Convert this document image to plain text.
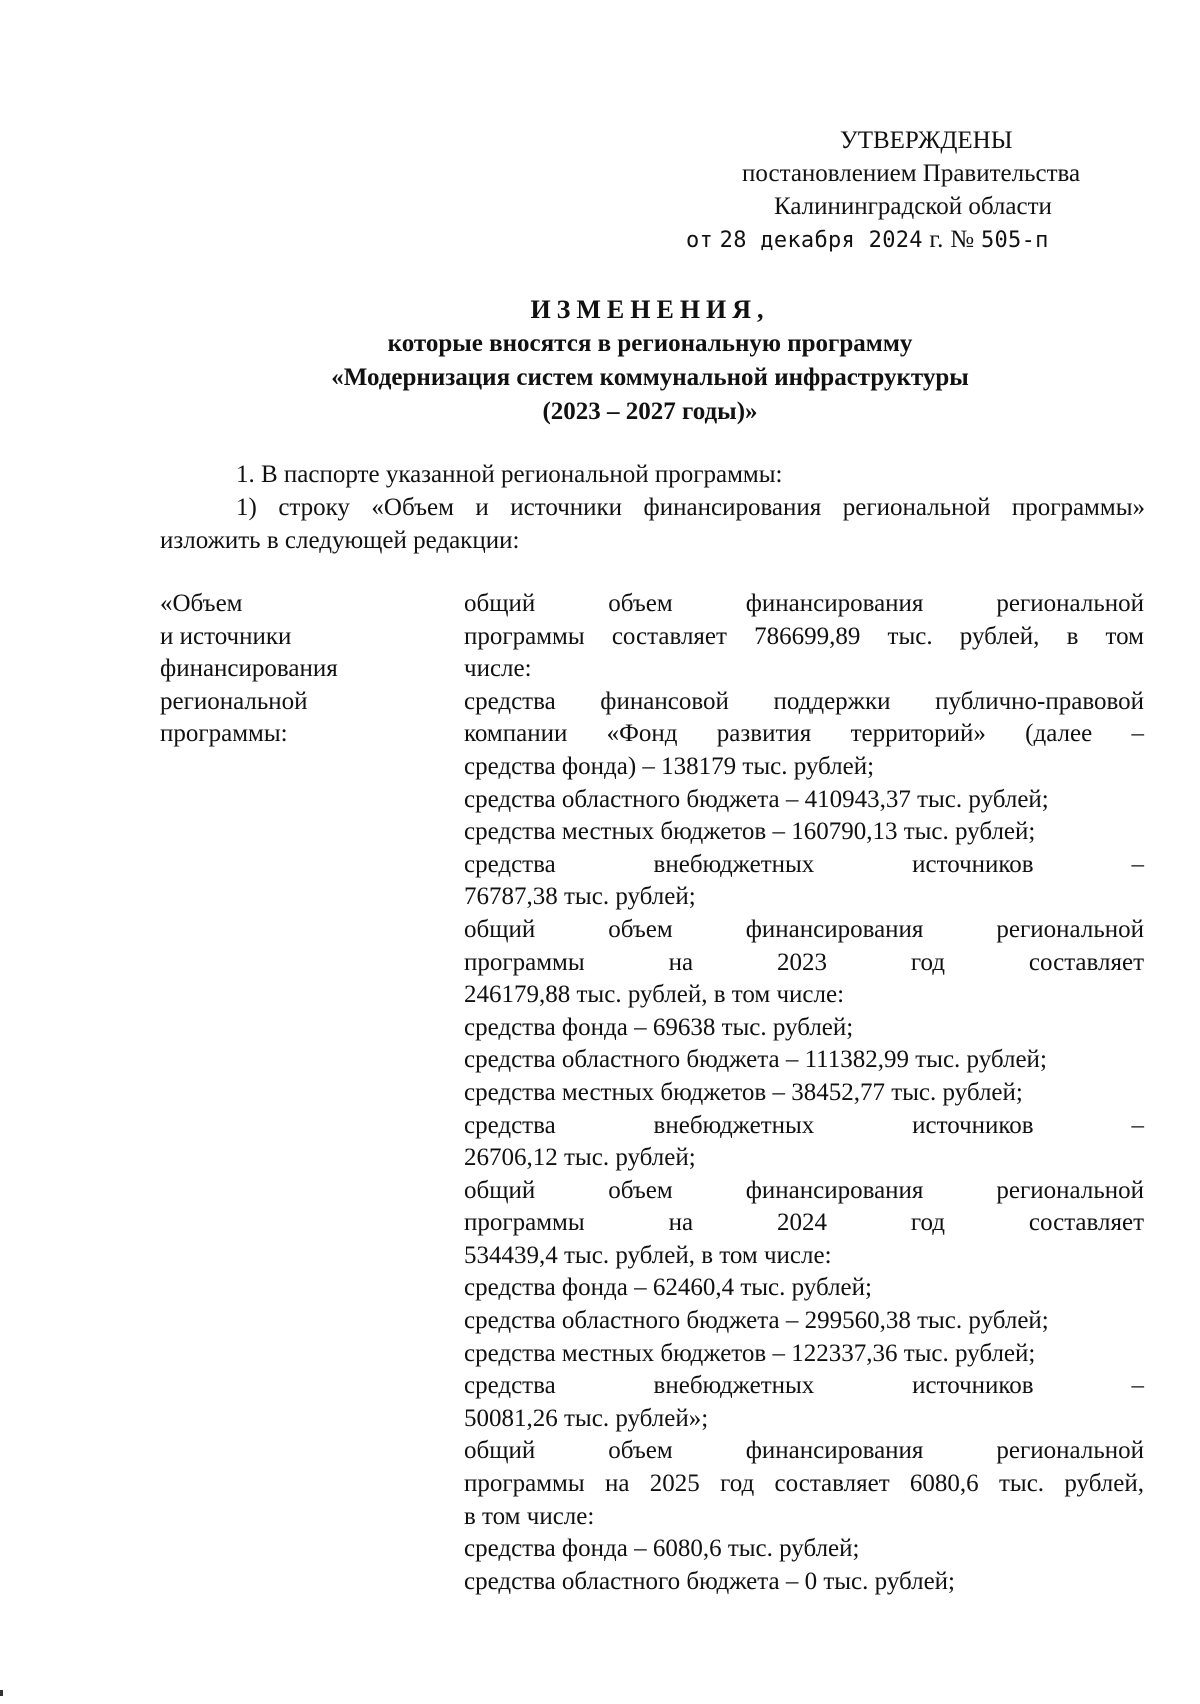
УТВЕРЖДЕНЫ
постановлением Правительства
Калининградской области
от 28 декабря 2024 г. № 505-п
ИЗМЕНЕНИЯ,
которые вносятся в региональную программу
«Модернизация систем коммунальной инфраструктуры
(2023 – 2027 годы)»
1. В паспорте указанной региональной программы:
1) строку «Объем и источники финансирования региональной программы» изложить в следующей редакции:
«Объем
и источники
финансирования
региональной
программы:
общий объем финансирования региональной
программы составляет 786699,89 тыс. рублей, в том
числе:
средства финансовой поддержки публично-правовой
компании «Фонд развития территорий» (далее –
средства фонда) – 138179 тыс. рублей;
средства областного бюджета – 410943,37 тыс. рублей;
средства местных бюджетов – 160790,13 тыс. рублей;
средства внебюджетных источников –
76787,38 тыс. рублей;
общий объем финансирования региональной
программы на 2023 год составляет
246179,88 тыс. рублей, в том числе:
средства фонда – 69638 тыс. рублей;
средства областного бюджета – 111382,99 тыс. рублей;
средства местных бюджетов – 38452,77 тыс. рублей;
средства внебюджетных источников –
26706,12 тыс. рублей;
общий объем финансирования региональной
программы на 2024 год составляет
534439,4 тыс. рублей, в том числе:
средства фонда – 62460,4 тыс. рублей;
средства областного бюджета – 299560,38 тыс. рублей;
средства местных бюджетов – 122337,36 тыс. рублей;
средства внебюджетных источников –
50081,26 тыс. рублей»;
общий объем финансирования региональной
программы на 2025 год составляет 6080,6 тыс. рублей,
в том числе:
средства фонда – 6080,6 тыс. рублей;
средства областного бюджета – 0 тыс. рублей;
